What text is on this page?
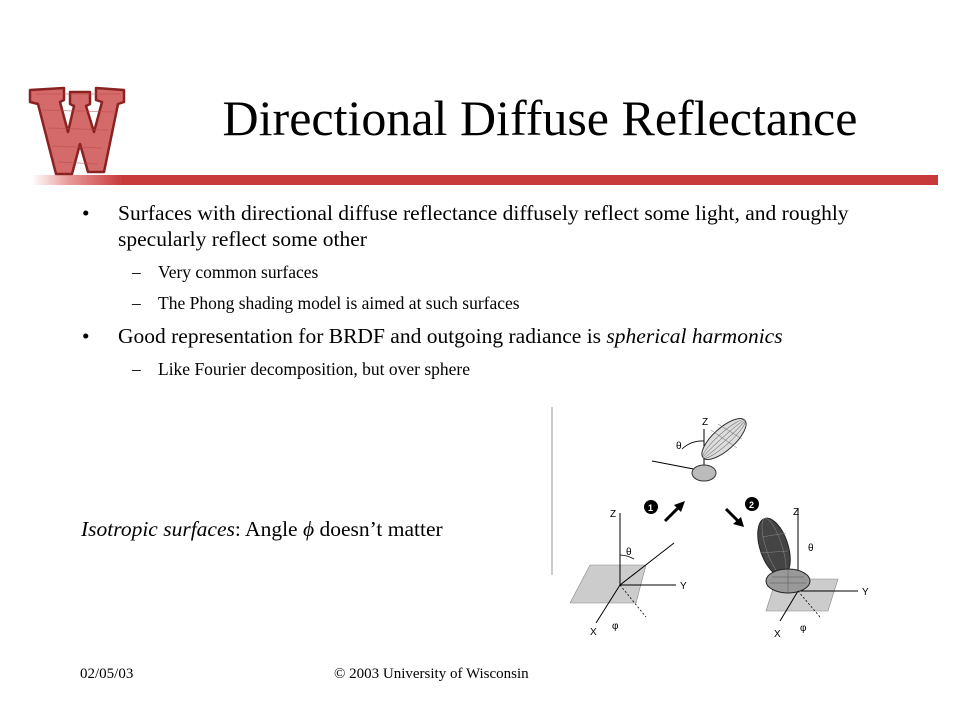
Directional Diffuse Reflectance
• Surfaces with directional diffuse reflectance diffusely reflect some light, and roughly specularly reflect some other
– Very common surfaces
– The Phong shading model is aimed at such surfaces
• Good representation for BRDF and outgoing radiance is spherical harmonics
– Like Fourier decomposition, but over sphere
Isotropic surfaces: Angle ϕ doesn’t matter
Z
θ
1	2
Z
Y
X
θ
φ
Z
Y
X
θ
φ
02/05/03	© 2003 University of Wisconsin
